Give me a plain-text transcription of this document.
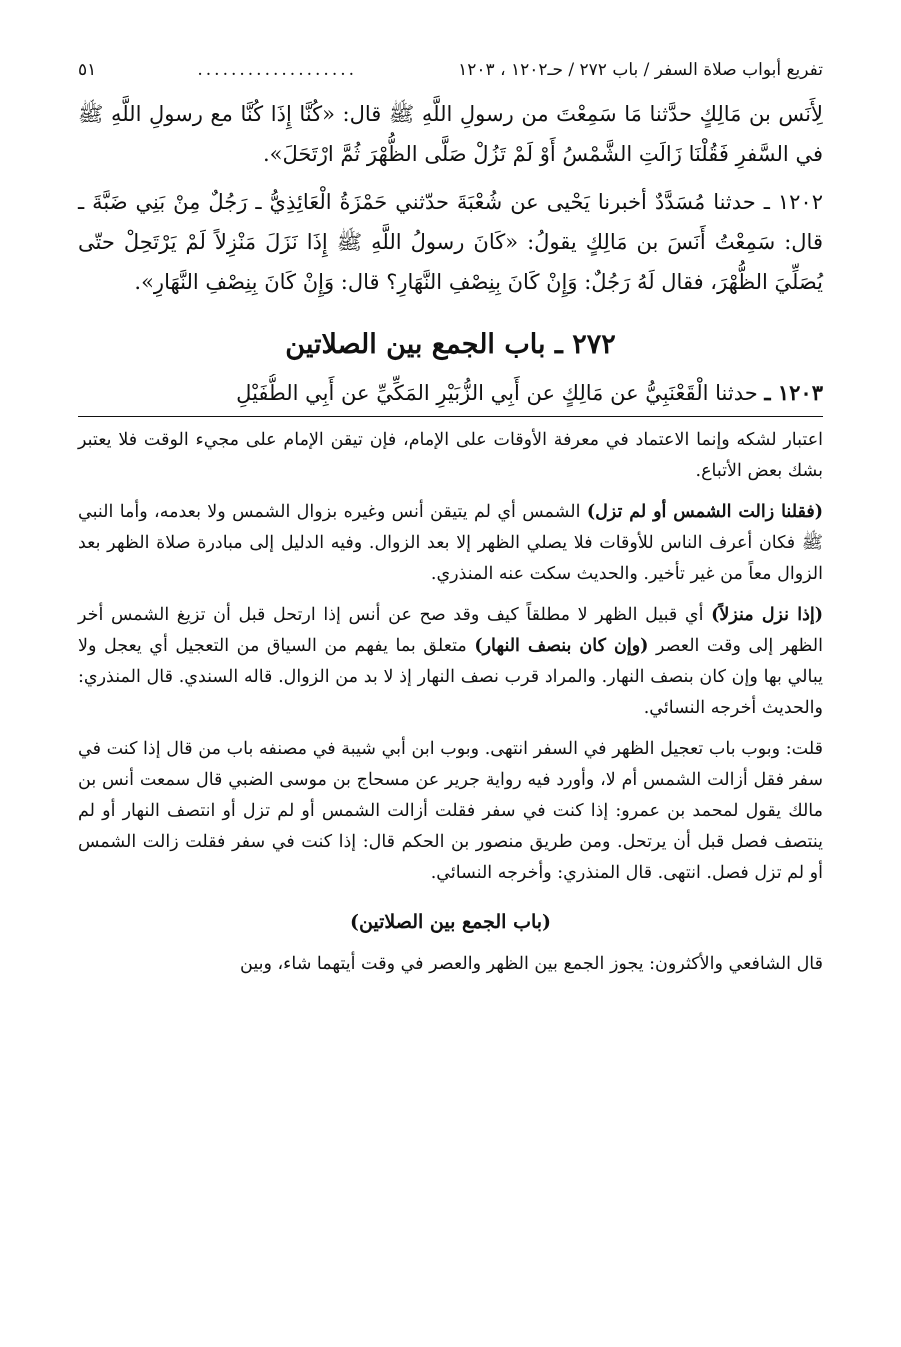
تفريع أبواب صلاة السفر / باب ٢٧٢ / حـ١٢٠٢ ، ١٢٠٣
...................
٥١

لِأَنَس بن مَالِكٍ حدَّثنا مَا سَمِعْتَ من رسولِ اللَّهِ ﷺ قال: «كُنَّا إِذَا كُنَّا مع رسولِ اللَّهِ ﷺ في السَّفرِ فَقُلْنَا زَالَتِ الشَّمْسُ أَوْ لَمْ تَزُلْ صَلَّى الظُّهْرَ ثُمَّ ارْتَحَلَ».

١٢٠٢ ـ حدثنا مُسَدَّدٌ أخبرنا يَحْيى عن شُعْبَةَ حدّثني حَمْزَةُ الْعَائِذِيُّ ـ رَجُلٌ مِنْ بَنِي ضَبَّةَ ـ قال: سَمِعْتُ أَنَسَ بن مَالِكٍ يقولُ: «كَانَ رسولُ اللَّهِ ﷺ إِذَا نَزَلَ مَنْزِلاً لَمْ يَرْتَحِلْ حتّى يُصَلِّيَ الظُّهْرَ، فقال لَهُ رَجُلٌ: وَإِنْ كَانَ بِنِصْفِ النَّهَارِ؟ قال: وَإِنْ كَانَ بِنِصْفِ النَّهَارِ».

٢٧٢ ـ باب الجمع بين الصلاتين
١٢٠٣ ـ حدثنا الْقَعْنَبِيُّ عن مَالِكٍ عن أَبِي الزُّبَيْرِ المَكِّيِّ عن أَبِي الطُّفَيْلِ

اعتبار لشكه وإنما الاعتماد في معرفة الأوقات على الإمام، فإن تيقن الإمام على مجيء الوقت فلا يعتبر بشك بعض الأتباع.

(فقلنا زالت الشمس أو لم تزل) الشمس أي لم يتيقن أنس وغيره بزوال الشمس ولا بعدمه، وأما النبي ﷺ فكان أعرف الناس للأوقات فلا يصلي الظهر إلا بعد الزوال. وفيه الدليل إلى مبادرة صلاة الظهر بعد الزوال معاً من غير تأخير. والحديث سكت عنه المنذري.

(إذا نزل منزلاً) أي قبيل الظهر لا مطلقاً كيف وقد صح عن أنس إذا ارتحل قبل أن تزيغ الشمس أخر الظهر إلى وقت العصر (وإن كان بنصف النهار) متعلق بما يفهم من السياق من التعجيل أي يعجل ولا يبالي بها وإن كان بنصف النهار. والمراد قرب نصف النهار إذ لا بد من الزوال. قاله السندي. قال المنذري: والحديث أخرجه النسائي.

قلت: وبوب باب تعجيل الظهر في السفر انتهى. وبوب ابن أبي شيبة في مصنفه باب من قال إذا كنت في سفر فقل أزالت الشمس أم لا، وأورد فيه رواية جرير عن مسحاج بن موسى الضبي قال سمعت أنس بن مالك يقول لمحمد بن عمرو: إذا كنت في سفر فقلت أزالت الشمس أو لم تزل أو انتصف النهار أو لم ينتصف فصل قبل أن يرتحل. ومن طريق منصور بن الحكم قال: إذا كنت في سفر فقلت زالت الشمس أو لم تزل فصل. انتهى. قال المنذري: وأخرجه النسائي.

(باب الجمع بين الصلاتين)

قال الشافعي والأكثرون: يجوز الجمع بين الظهر والعصر في وقت أيتهما شاء، وبين
